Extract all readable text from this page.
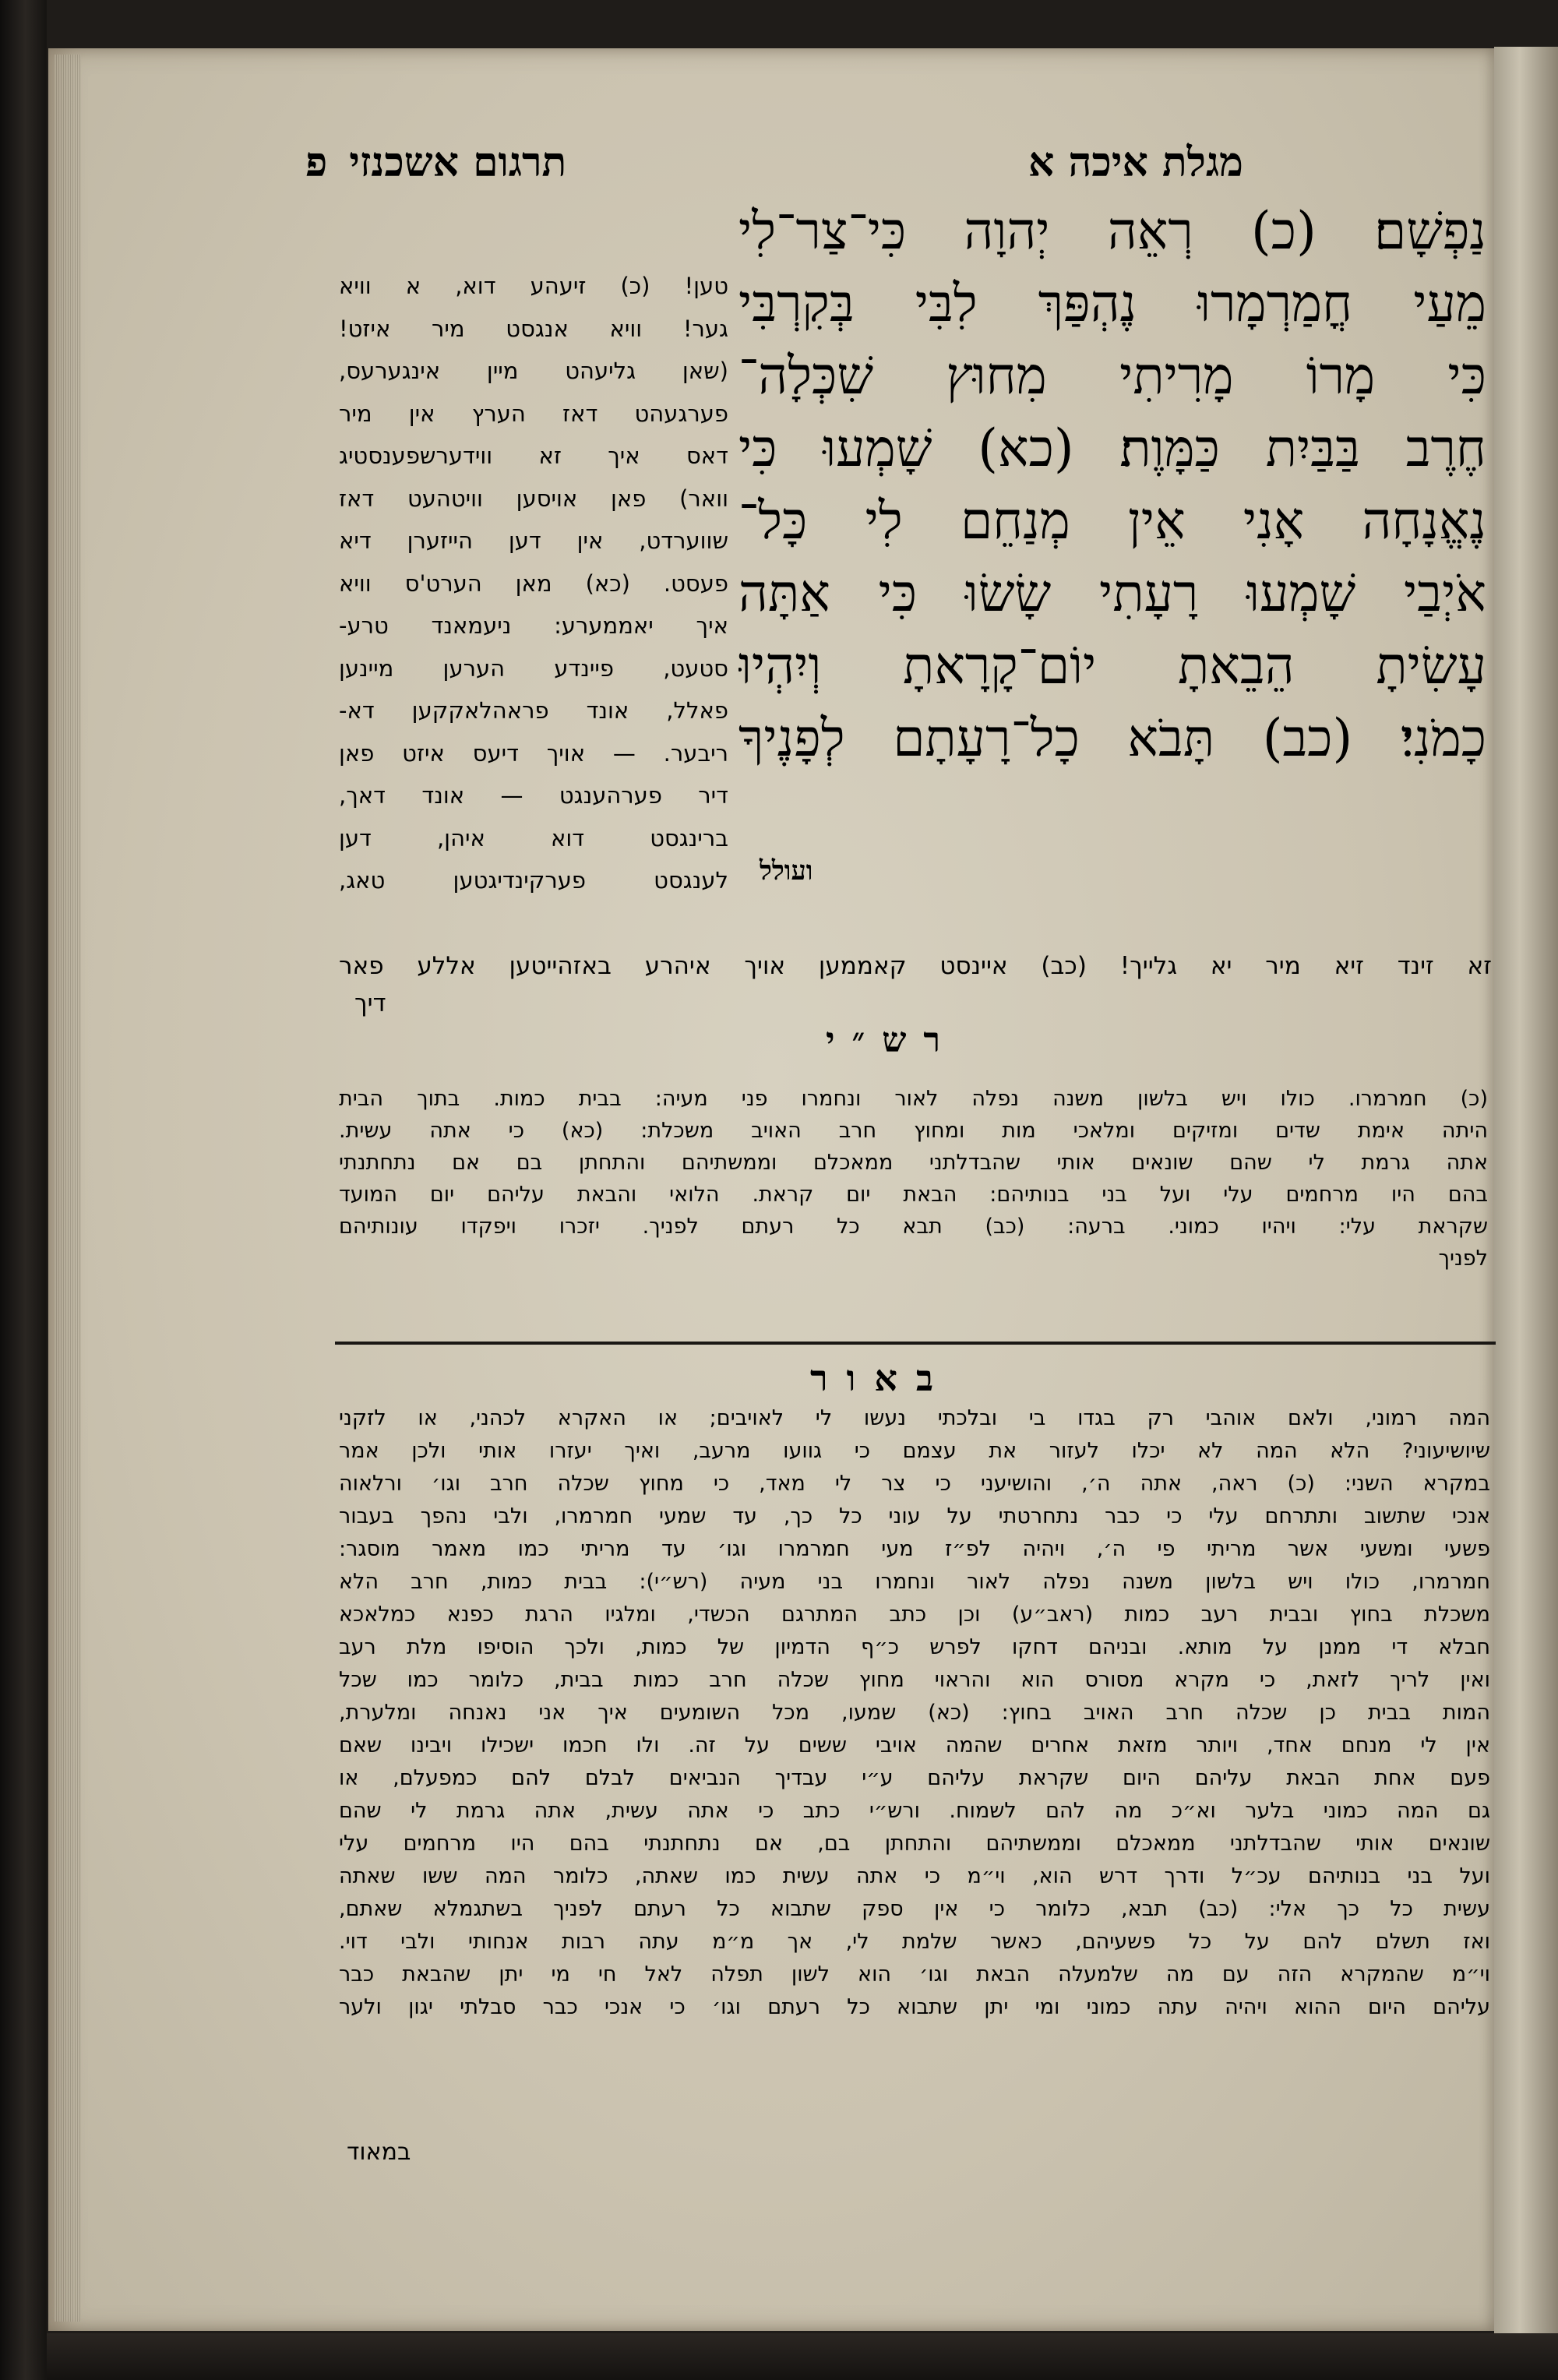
תרגום אשכנזיפ	מגלת איכה א
נַפְשָׁם׃ (כ) רְאֵה יְהוָה כִּי־צַר־לִי
מֵעַי חֳמַרְמָרוּ נֶהְפַּךְ לִבִּי בְּקִרְבִּי
כִּי מָרוֹ מָרִיתִי מִחוּץ שִׁכְּלָה־
חֶרֶב בַּבַּיִת כַּמָּוֶת׃ (כא) שָׁמְעוּ כִּי
נֶאֱנָחָה אָנִי אֵין מְנַחֵם לִי כָּל־
אֹיְבַי שָׁמְעוּ רָעָתִי שָׂשׂוּ כִּי אַתָּה
עָשִׂיתָ הֵבֵאתָ יוֹם־קָרָאתָ וְיִהְיוּ
כָמֹנִי׃ (כב) תָּבֹא כָל־רָעָתָם לְפָנֶיךָ
ועולל
טען! (כ) זיעהע דוא, א וויא
גער! וויא אנגסט מיר איזט!
(שאן גליעהט מיין אינגערעס,
פערגעהט דאז הערץ אין מיר
דאס איך זא ווידערשפענסטיג
וואר) פאן אויסען וויטהעט דאז
שווערדט, אין דען הייזערן דיא
פעסט. (כא) מאן הערט'ס וויא
איך יאממערע: ניעמאנד טרע-
סטעט, פיינדע הערען מיינען
פאלל, אונד פראהלאקקען דא-
ריבער. — אויך דיעס איזט פאן
דיר פערהענגט — אונד דאך,
ברינגסט דוא איהן, דען
לענגסט פערקינדיגטען טאג,
זא זינד זיא מיר יא גלייך! (כב) איינסט קאממען אויך איהרע באזהייטען אללע פאר
דיך
רש״י
(כ) חמרמרו. כולו ויש בלשון משנה נפלה לאור ונחמרו פני מעיה: בבית כמות. בתוך הבית
היתה אימת שדים ומזיקים ומלאכי מות ומחוץ חרב האויב משכלת: (כא) כי אתה עשית.
אתה גרמת לי שהם שונאים אותי שהבדלתני ממאכלם וממשתיהם והתחתן בם אם נתחתנתי
בהם היו מרחמים עלי ועל בני בנותיהם: הבאת יום קראת. הלואי והבאת עליהם יום המועד
שקראת עלי: ויהיו כמוני. ברעה: (כב) תבא כל רעתם לפניך. יזכרו ויפקדו עונותיהם
לפניך
באור
המה רמוני, ולאם אוהבי רק בגדו בי ובלכתי נעשו לי לאויבים; או האקרא לכהני, או לזקני
שיושיעוני? הלא המה לא יכלו לעזור את עצמם כי גוועו מרעב, ואיך יעזרו אותי ולכן אמר
במקרא השני: (כ) ראה, אתה ה׳, והושיעני כי צר לי מאד, כי מחוץ שכלה חרב וגו׳ ורלאוה
אנכי שתשוב ותתרחם עלי כי כבר נתחרטתי על עוני כל כך, עד שמעי חמרמרו, ולבי נהפך בעבור
פשעי ומשעי אשר מריתי פי ה׳, ויהיה לפ״ז מעי חמרמרו וגו׳ עד מריתי כמו מאמר מוסגר:
חמרמרו, כולו ויש בלשון משנה נפלה לאור ונחמרו בני מעיה (רש״י): בבית כמות, חרב הלא
משכלת בחוץ ובבית רעב כמות (ראב״ע) וכן כתב המתרגם הכשדי, ומלגיו הרגת כפנא כמלאכא
חבלא די ממנן על מותא. ובניהם דחקו לפרש כ״ף הדמיון של כמות, ולכך הוסיפו מלת רעב
ואין לריך לזאת, כי מקרא מסורס הוא והראוי מחוץ שכלה חרב כמות בבית, כלומר כמו שכל
המות בבית כן שכלה חרב האויב בחוץ: (כא) שמעו, מכל השומעים איך אני נאנחה ומלערת,
אין לי מנחם אחד, ויותר מזאת אחרים שהמה אויבי ששים על זה. ולו חכמו ישכילו ויבינו שאם
פעם אחת הבאת עליהם היום שקראת עליהם ע״י עבדיך הנביאים לבלם להם כמפעלם, או
גם המה כמוני בלער וא״כ מה להם לשמוח. ורש״י כתב כי אתה עשית, אתה גרמת לי שהם
שונאים אותי שהבדלתני ממאכלם וממשתיהם והתחתן בם, אם נתחתנתי בהם היו מרחמים עלי
ועל בני בנותיהם עכ״ל ודרך דרש הוא, וי״מ כי אתה עשית כמו שאתה, כלומר המה ששו שאתה
עשית כל כך אלי: (כב) תבא, כלומר כי אין ספק שתבוא כל רעתם לפניך בשתגמלא שאתם,
ואז תשלם להם על כל פשעיהם, כאשר שלמת לי, אך מ״מ עתה רבות אנחותי ולבי דוי.
וי״מ שהמקרא הזה עם מה שלמעלה הבאת וגו׳ הוא לשון תפלה לאל חי מי יתן שהבאת כבר
עליהם היום ההוא ויהיה עתה כמוני ומי יתן שתבוא כל רעתם וגו׳ כי אנכי כבר סבלתי יגון ולער
במאוד
